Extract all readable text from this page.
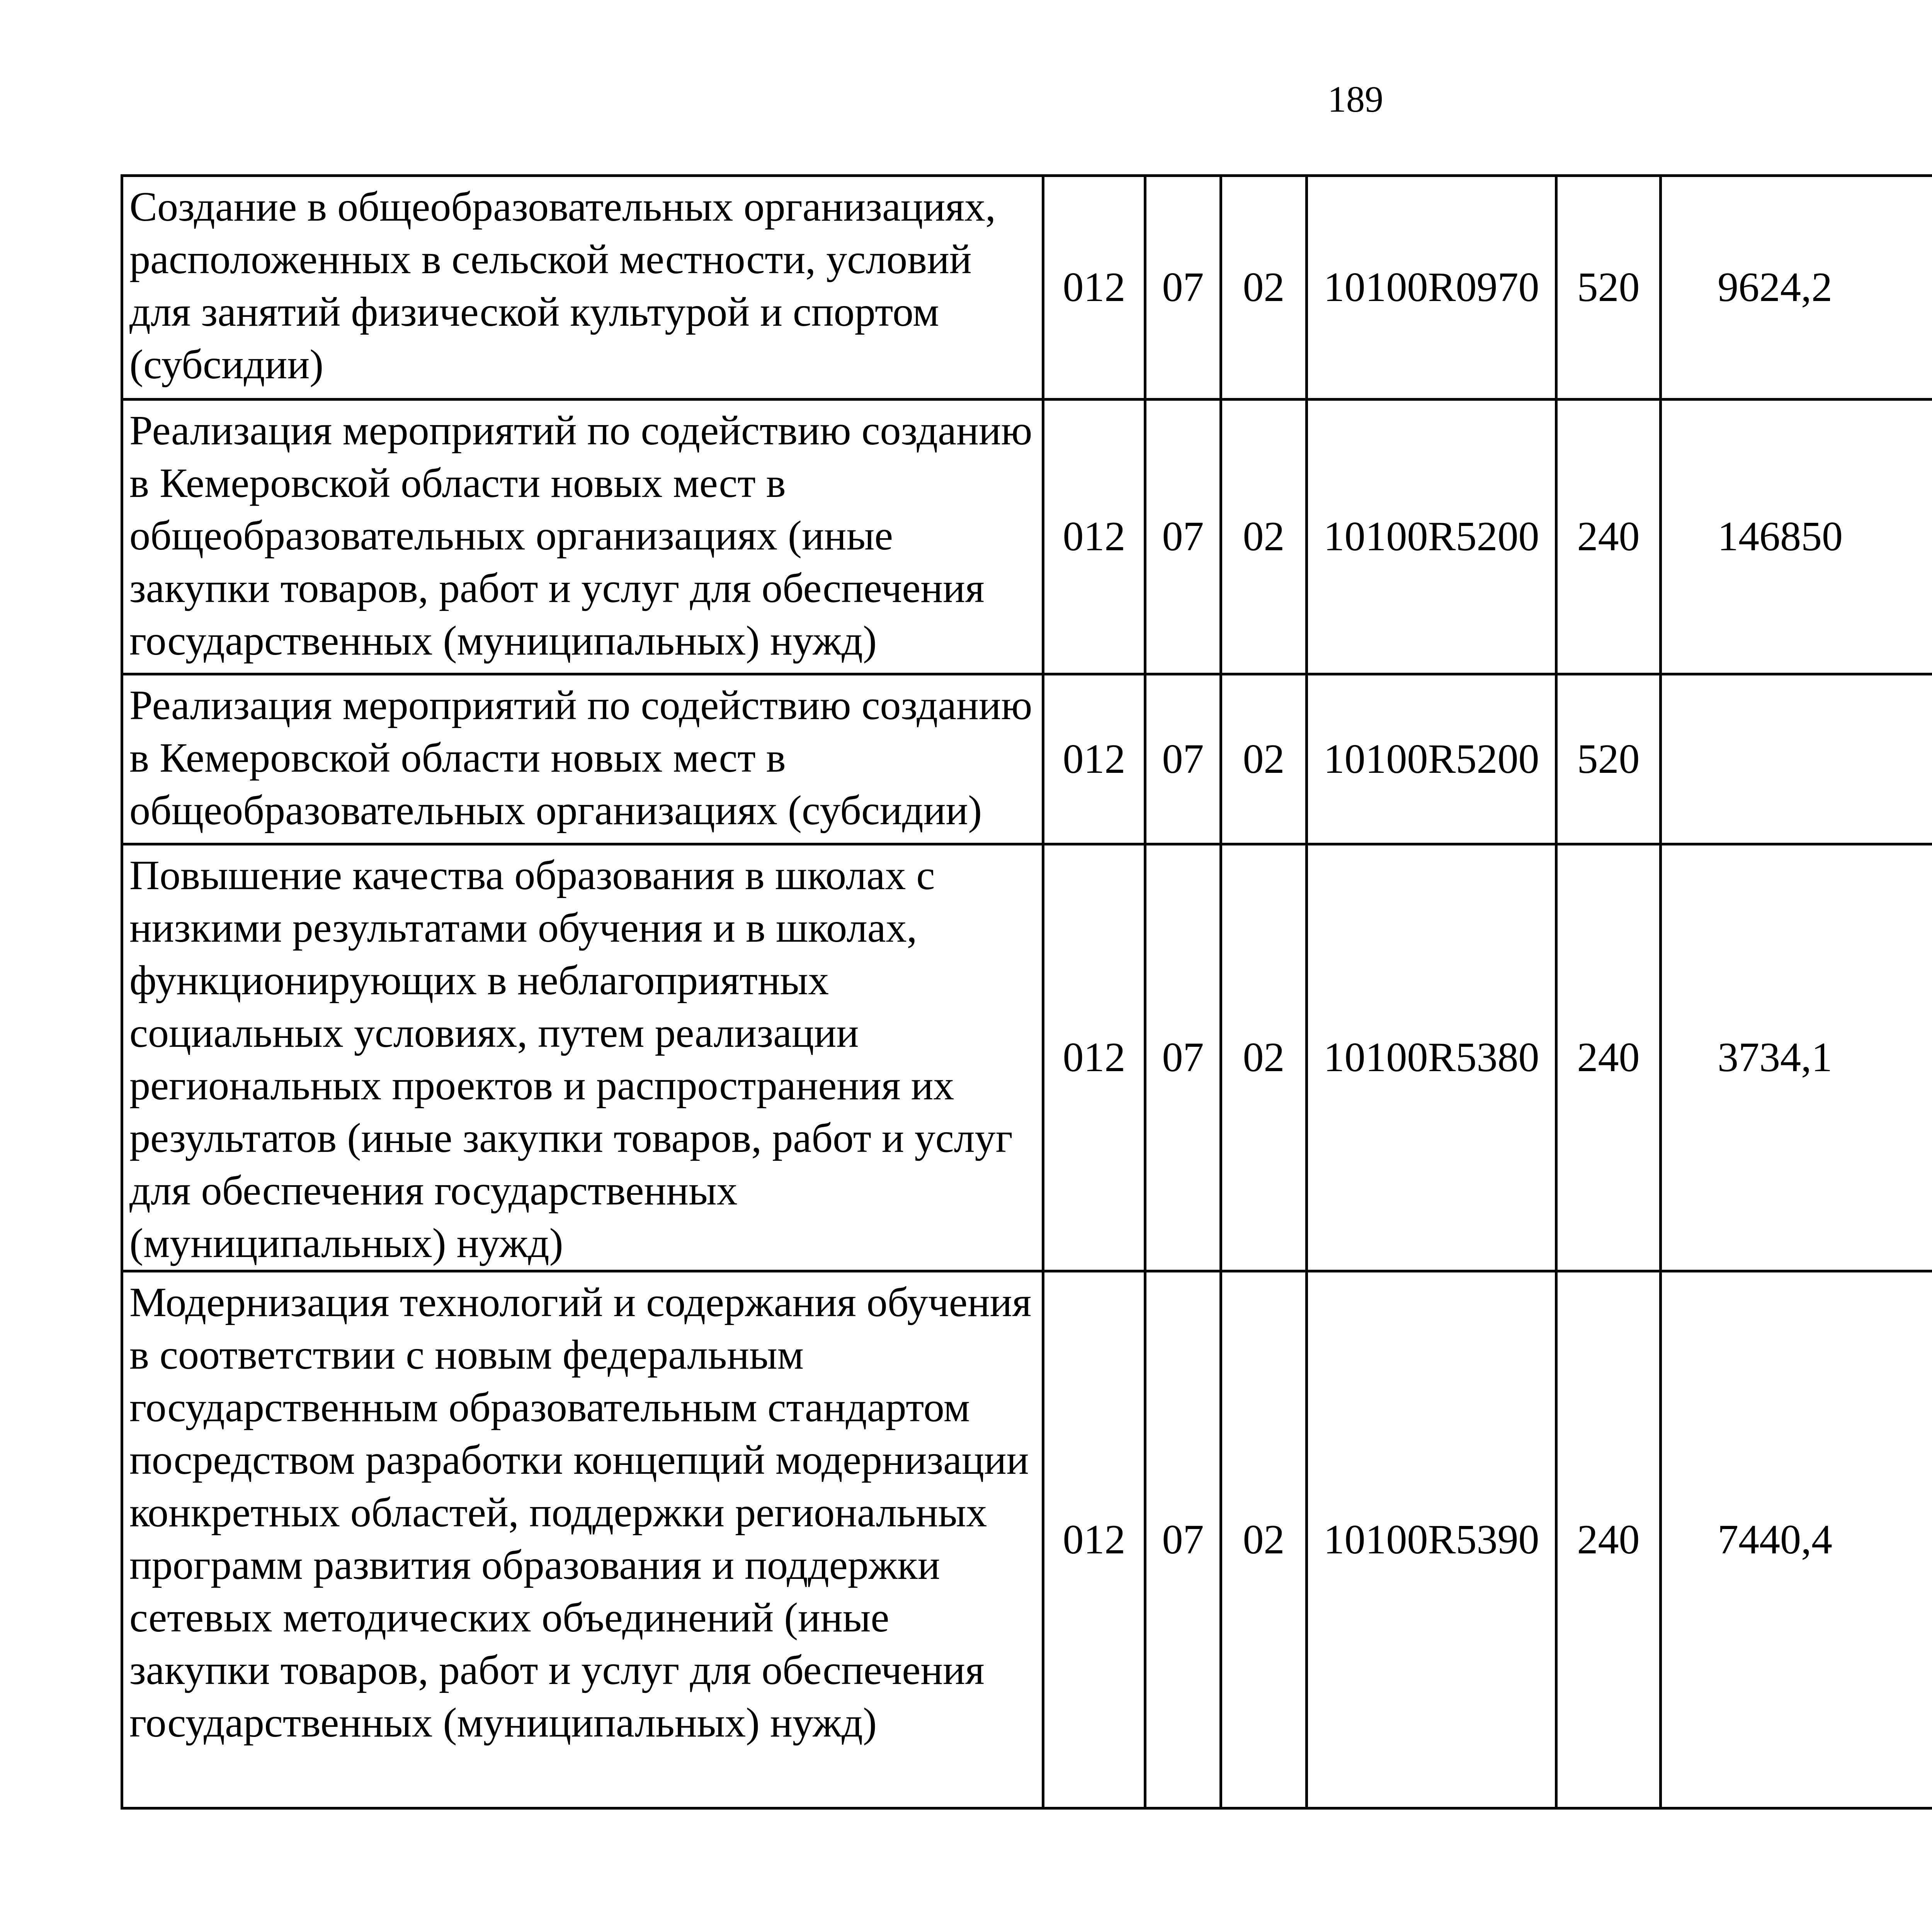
189
Создание в общеобразовательных организациях, расположенных в сельской местности, условий для занятий физической культурой и спортом (субсидии)	012	07	02	10100R0970	520	9624,2		
Реализация мероприятий по содействию созданию в Кемеровской области новых мест в общеобразовательных организациях (иные закупки товаров, работ и услуг для обеспечения государственных (муниципальных) нужд)	012	07	02	10100R5200	240	146850		
Реализация мероприятий по содействию созданию в Кемеровской области новых мест в общеобразовательных организациях (субсидии)	012	07	02	10100R5200	520			
Повышение качества образования в школах с низкими результатами обучения и в школах, функционирующих в неблагоприятных социальных условиях, путем реализации региональных проектов и распространения их результатов (иные закупки товаров, работ и услуг для обеспечения государственных (муниципальных) нужд)	012	07	02	10100R5380	240	3734,1		
Модернизация технологий и содержания обучения в соответствии с новым федеральным государственным образовательным стандартом посредством разработки концепций модернизации конкретных областей, поддержки региональных программ развития образования и поддержки сетевых методических объединений (иные закупки товаров, работ и услуг для обеспечения государственных (муниципальных) нужд)	012	07	02	10100R5390	240	7440,4		
